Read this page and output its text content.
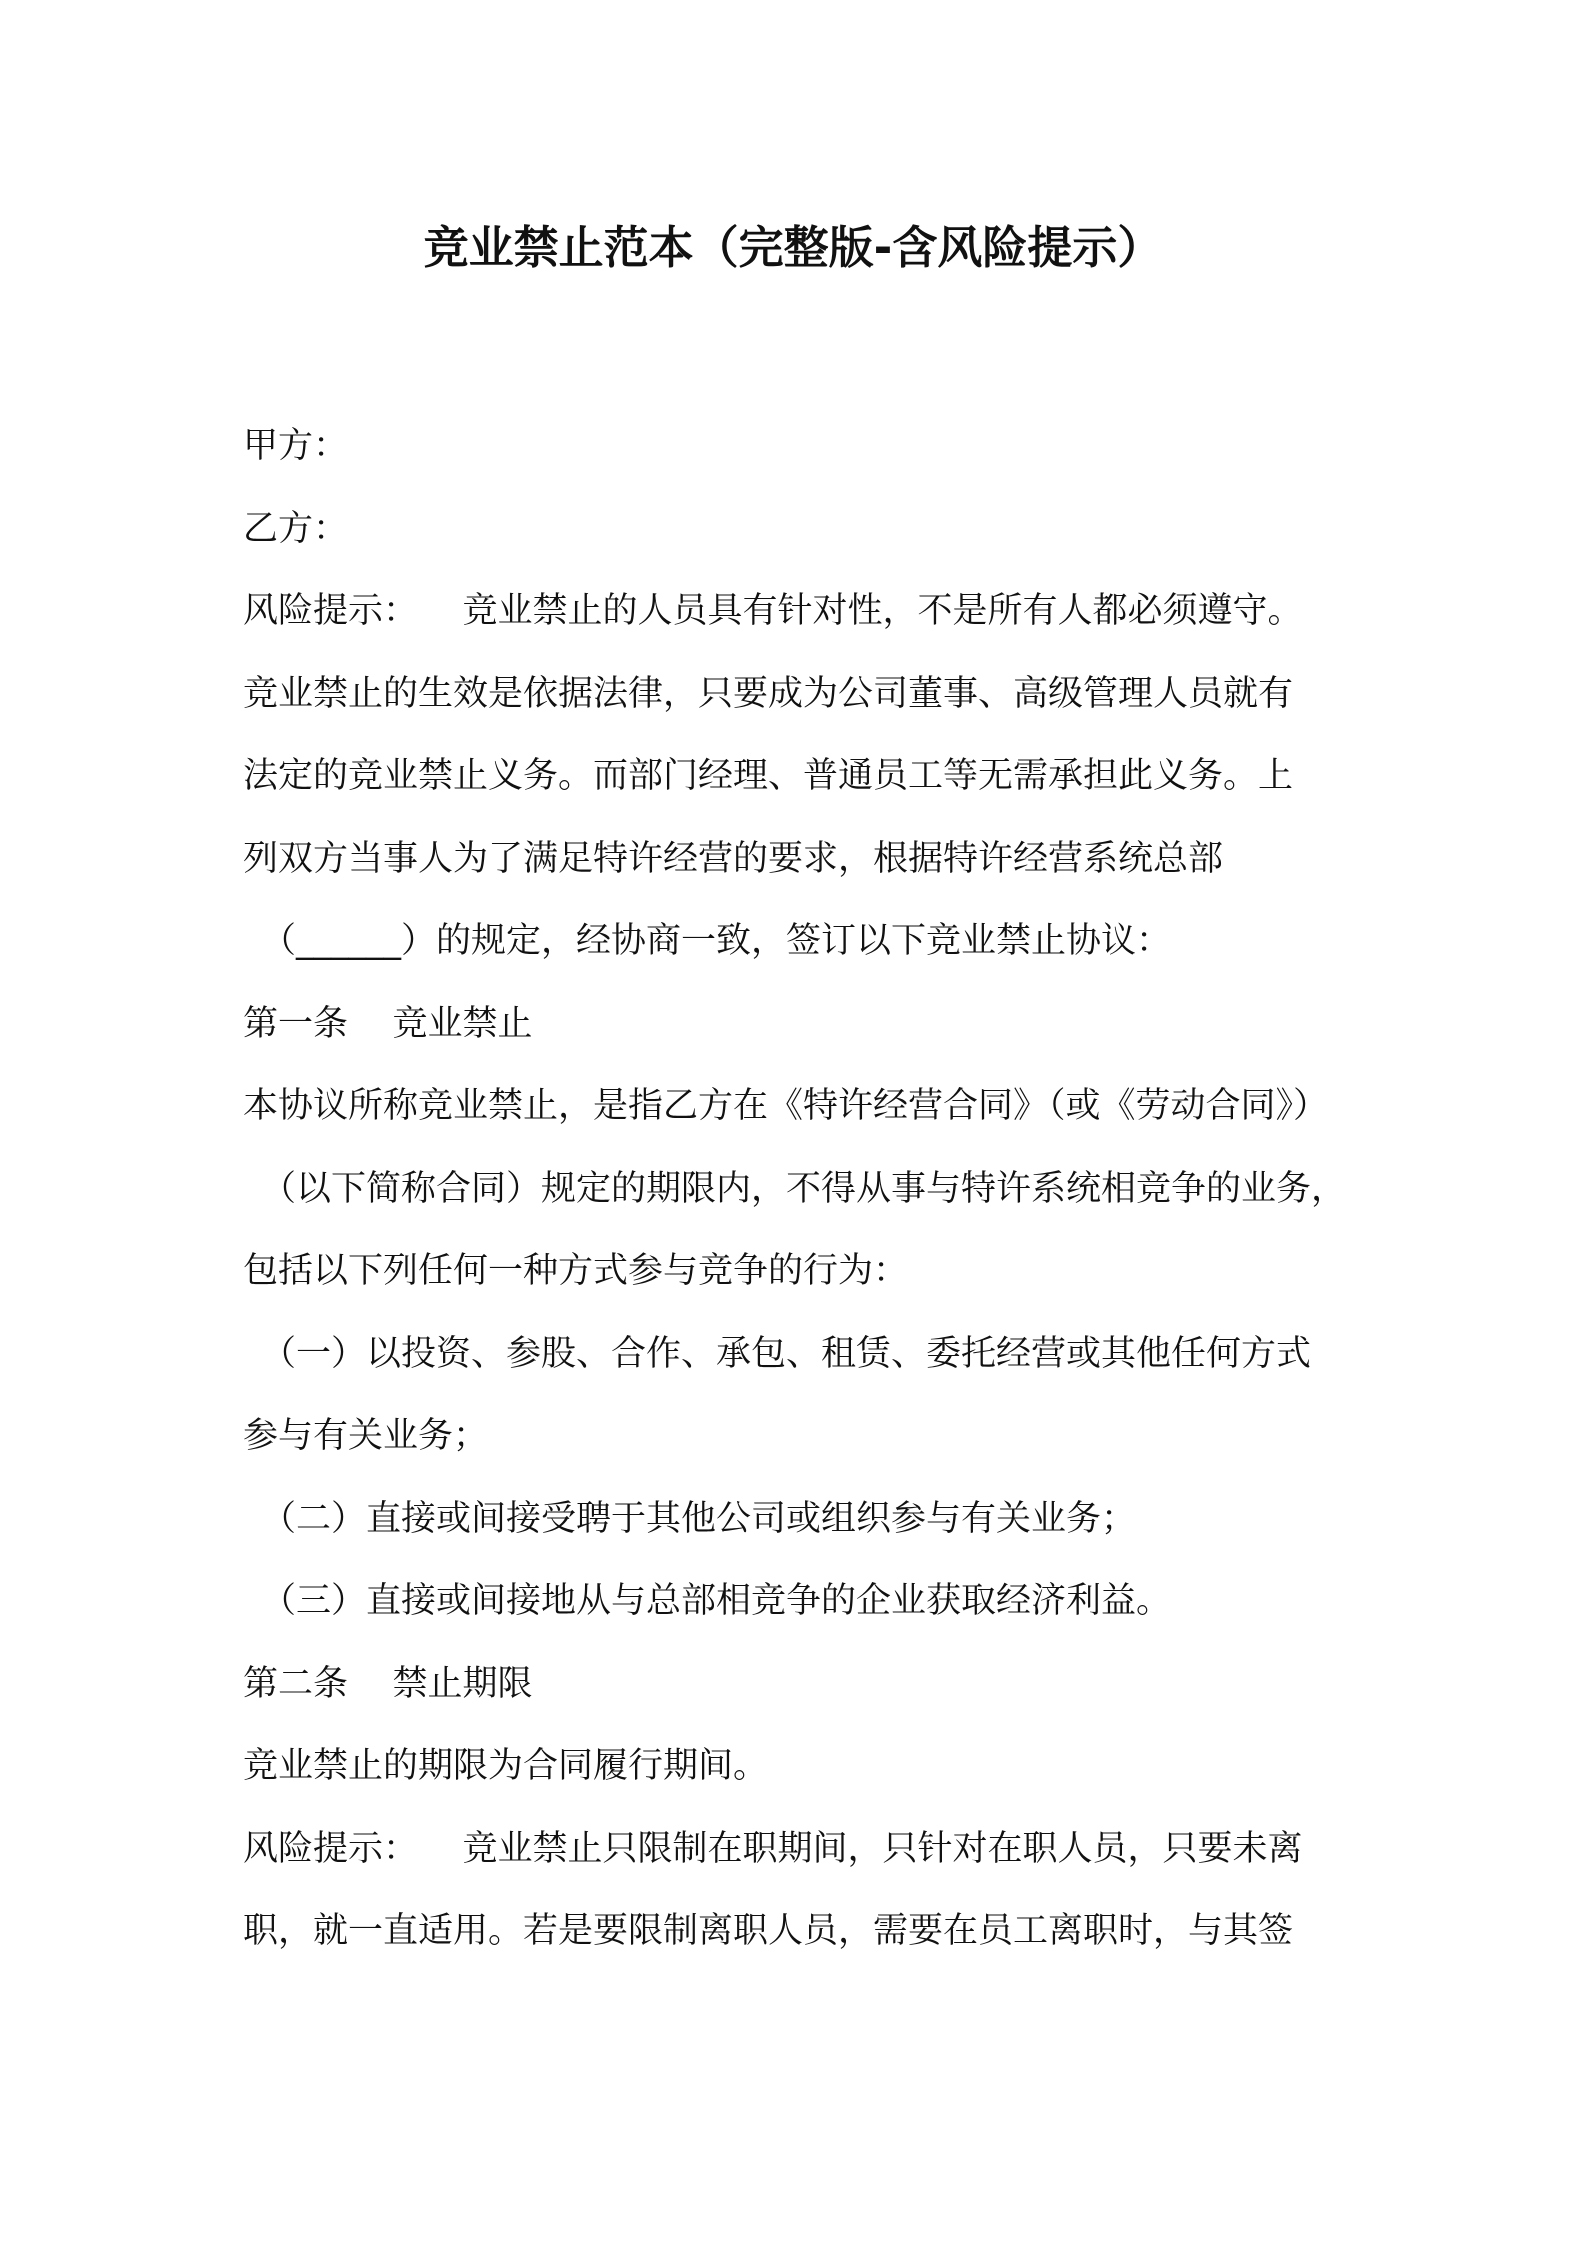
竞业禁止范本（完整版-含风险提示）
甲方：
乙方：
风险提示：    竞业禁止的人员具有针对性，不是所有人都必须遵守。
竞业禁止的生效是依据法律，只要成为公司董事、高级管理人员就有
法定的竞业禁止义务。而部门经理、普通员工等无需承担此义务。上
列双方当事人为了满足特许经营的要求，根据特许经营系统总部
（______）的规定，经协商一致，签订以下竞业禁止协议：
第一条    竞业禁止
本协议所称竞业禁止，是指乙方在《特许经营合同》（或《劳动合同》）
（以下简称合同）规定的期限内，不得从事与特许系统相竞争的业务，
包括以下列任何一种方式参与竞争的行为：
（一）以投资、参股、合作、承包、租赁、委托经营或其他任何方式
参与有关业务；
（二）直接或间接受聘于其他公司或组织参与有关业务；
（三）直接或间接地从与总部相竞争的企业获取经济利益。
第二条    禁止期限
竞业禁止的期限为合同履行期间。
风险提示：    竞业禁止只限制在职期间，只针对在职人员，只要未离
职，就一直适用。若是要限制离职人员，需要在员工离职时，与其签
